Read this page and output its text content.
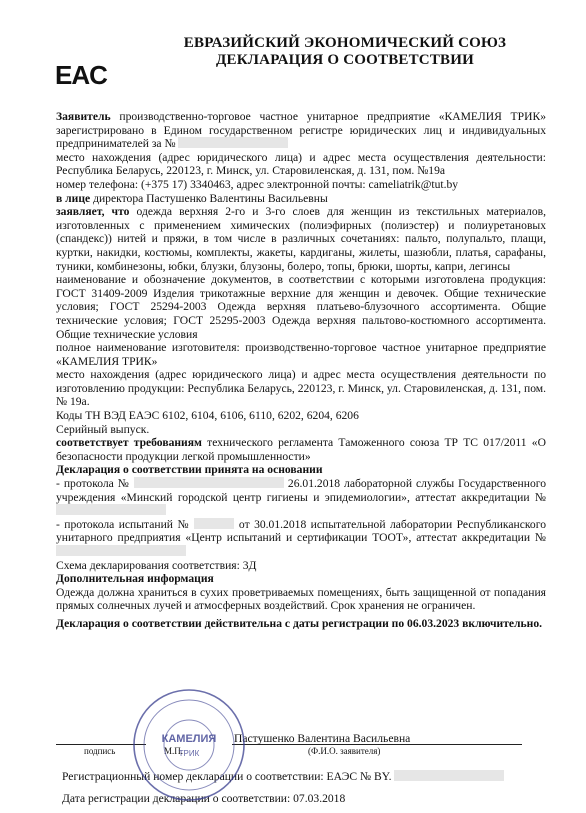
EAC
ЕВРАЗИЙСКИЙ ЭКОНОМИЧЕСКИЙ СОЮЗ
ДЕКЛАРАЦИЯ О СООТВЕТСТВИИ

Заявитель производственно-торговое частное унитарное предприятие «КАМЕЛИЯ ТРИК» зарегистрировано в Едином государственном регистре юридических лиц и индивидуальных предпринимателей за №

место нахождения (адрес юридического лица) и адрес места осуществления деятельности: Республика Беларусь, 220123, г. Минск, ул. Старовиленская, д. 131, пом. №19а

номер телефона: (+375 17) 3340463, адрес электронной почты: cameliatrik@tut.by

в лице директора Пастушенко Валентины Васильевны

заявляет, что одежда верхняя 2-го и 3-го слоев для женщин из текстильных материалов, изготовленных с применением химических (полиэфирных (полиэстер) и полиуретановых (спандекс)) нитей и пряжи, в том числе в различных сочетаниях: пальто, полупальто, плащи, куртки, накидки, костюмы, комплекты, жакеты, кардиганы, жилеты, шазюбли, платья, сарафаны, туники, комбинезоны, юбки, блузки, блузоны, болеро, топы, брюки, шорты, капри, легинсы

наименование и обозначение документов, в соответствии с которыми изготовлена продукция: ГОСТ 31409-2009 Изделия трикотажные верхние для женщин и девочек. Общие технические условия; ГОСТ 25294-2003 Одежда верхняя платьево-блузочного ассортимента. Общие технические условия; ГОСТ 25295-2003 Одежда верхняя пальтово-костюмного ассортимента. Общие технические условия

полное наименование изготовителя: производственно-торговое частное унитарное предприятие «КАМЕЛИЯ ТРИК»

место нахождения (адрес юридического лица) и адрес места осуществления деятельности по изготовлению продукции: Республика Беларусь, 220123, г. Минск, ул. Старовиленская, д. 131, пом. № 19а.

Коды ТН ВЭД ЕАЭС 6102, 6104, 6106, 6110, 6202, 6204, 6206

Серийный выпуск.

соответствует требованиям технического регламента Таможенного союза ТР ТС 017/2011 «О безопасности продукции легкой промышленности»

Декларация о соответствии принята на основании

- протокола №	26.01.2018 лабораторной службы Государственного учреждения «Минский городской центр гигиены и эпидемиологии», аттестат аккредитации №

- протокола испытаний №	от 30.01.2018 испытательной лаборатории Республиканского унитарного предприятия «Центр испытаний и сертификации ТООТ», аттестат аккредитации №

Схема декларирования соответствия: 3Д

Дополнительная информация

Одежда должна храниться в сухих проветриваемых помещениях, быть защищенной от попадания прямых солнечных лучей и атмосферных воздействий. Срок хранения не ограничен.

Декларация о соответствии действительна с даты регистрации по 06.03.2023 включительно.

подпись	М.П.
Пастушенко Валентина Васильевна
(Ф.И.О. заявителя)
Регистрационный номер декларации о соответствии: ЕАЭС № BY.
Дата регистрации декларации о соответствии: 07.03.2018
КАМЕЛИЯ
ТРИК
